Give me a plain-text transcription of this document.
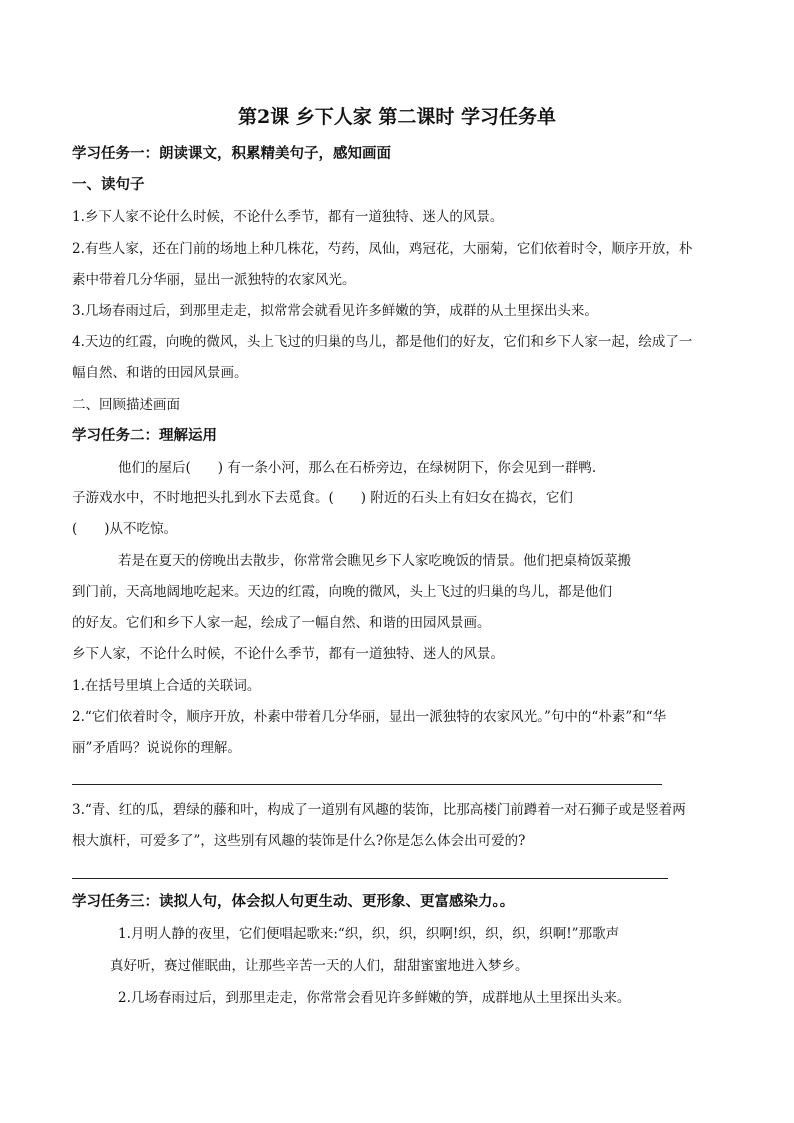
第2课 乡下人家 第二课时 学习任务单
学习任务一：朗读课文，积累精美句子，感知画面
一、读句子
1.乡下人家不论什么时候，不论什么季节，都有一道独特、迷人的风景。
2.有些人家，还在门前的场地上种几株花，芍药，凤仙，鸡冠花，大丽菊，它们依着时令，顺序开放，朴
素中带着几分华丽，显出一派独特的农家风光。
3.几场春雨过后，到那里走走，拟常常会就看见许多鲜嫩的笋，成群的从土里探出头来。
4.天边的红霞，向晚的微风，头上飞过的归巢的鸟儿，都是他们的好友，它们和乡下人家一起，绘成了一
幅自然、和谐的田园风景画。
二、回顾描述画面
学习任务二：理解运用
他们的屋后(　　) 有一条小河，那么在石桥旁边，在绿树阴下，你会见到一群鸭.
子游戏水中，不时地把头扎到水下去觅食。(　　) 附近的石头上有妇女在捣衣，它们
(　　)从不吃惊。
若是在夏天的傍晚出去散步，你常常会瞧见乡下人家吃晚饭的情景。他们把桌椅饭菜搬
到门前，天高地阔地吃起来。天边的红霞，向晚的微风，头上飞过的归巢的鸟儿，都是他们
的好友。它们和乡下人家一起，绘成了一幅自然、和谐的田园风景画。
乡下人家，不论什么时候，不论什么季节，都有一道独特、迷人的风景。
1.在括号里填上合适的关联词。
2.“它们依着时令，顺序开放，朴素中带着几分华丽，显出一派独特的农家风光。”句中的“朴素”和“华
丽”矛盾吗？说说你的理解。
3.“青、红的瓜，碧绿的藤和叶，构成了一道别有风趣的装饰，比那高楼门前蹲着一对石狮子或是竖着两
根大旗杆，可爱多了”，这些别有风趣的装饰是什么?你是怎么体会出可爱的?
学习任务三：读拟人句，体会拟人句更生动、更形象、更富感染力。。
1.月明人静的夜里，它们便唱起歌来:“织，织，织，织啊!织，织，织，织啊!”那歌声
真好听，赛过催眠曲，让那些辛苦一天的人们，甜甜蜜蜜地进入梦乡。
2.几场春雨过后，到那里走走，你常常会看见许多鲜嫩的笋，成群地从土里探出头来。
